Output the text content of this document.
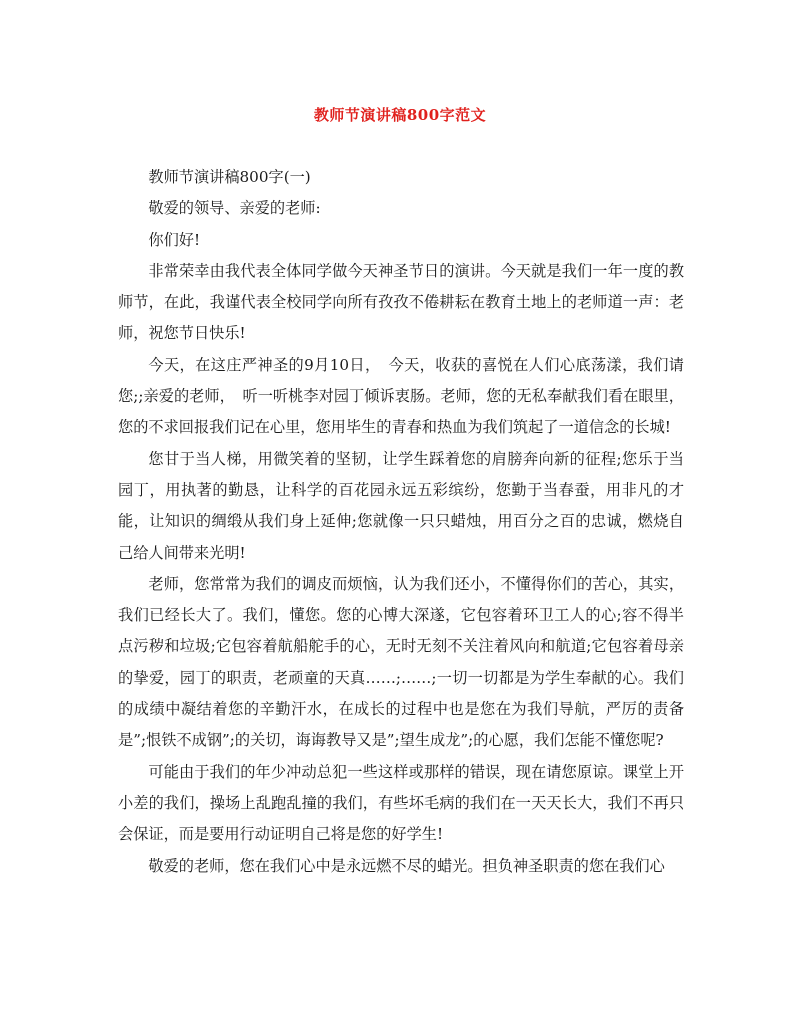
教师节演讲稿800字范文

教师节演讲稿800字(一)

敬爱的领导、亲爱的老师:

你们好!

非常荣幸由我代表全体同学做今天神圣节日的演讲。今天就是我们一年一度的教师节，在此，我谨代表全校同学向所有孜孜不倦耕耘在教育土地上的老师道一声：老师，祝您节日快乐!

今天，在这庄严神圣的9月10日，　今天，收获的喜悦在人们心底荡漾，我们请您;;亲爱的老师，　听一听桃李对园丁倾诉衷肠。老师，您的无私奉献我们看在眼里，您的不求回报我们记在心里，您用毕生的青春和热血为我们筑起了一道信念的长城!

您甘于当人梯，用微笑着的坚韧，让学生踩着您的肩膀奔向新的征程;您乐于当园丁，用执著的勤恳，让科学的百花园永远五彩缤纷，您勤于当春蚕，用非凡的才能，让知识的绸缎从我们身上延伸;您就像一只只蜡烛，用百分之百的忠诚，燃烧自己给人间带来光明!

老师，您常常为我们的调皮而烦恼，认为我们还小，不懂得你们的苦心，其实，我们已经长大了。我们，懂您。您的心博大深遂，它包容着环卫工人的心;容不得半点污秽和垃圾;它包容着航船舵手的心，无时无刻不关注着风向和航道;它包容着母亲的挚爱，园丁的职责，老顽童的天真……;……;一切一切都是为学生奉献的心。我们的成绩中凝结着您的辛勤汗水，在成长的过程中也是您在为我们导航，严厉的责备是”;恨铁不成钢”;的关切，诲诲教导又是”;望生成龙”;的心愿，我们怎能不懂您呢?

可能由于我们的年少冲动总犯一些这样或那样的错误，现在请您原谅。课堂上开小差的我们，操场上乱跑乱撞的我们，有些坏毛病的我们在一天天长大，我们不再只会保证，而是要用行动证明自己将是您的好学生!

敬爱的老师，您在我们心中是永远燃不尽的蜡光。担负神圣职责的您在我们心
